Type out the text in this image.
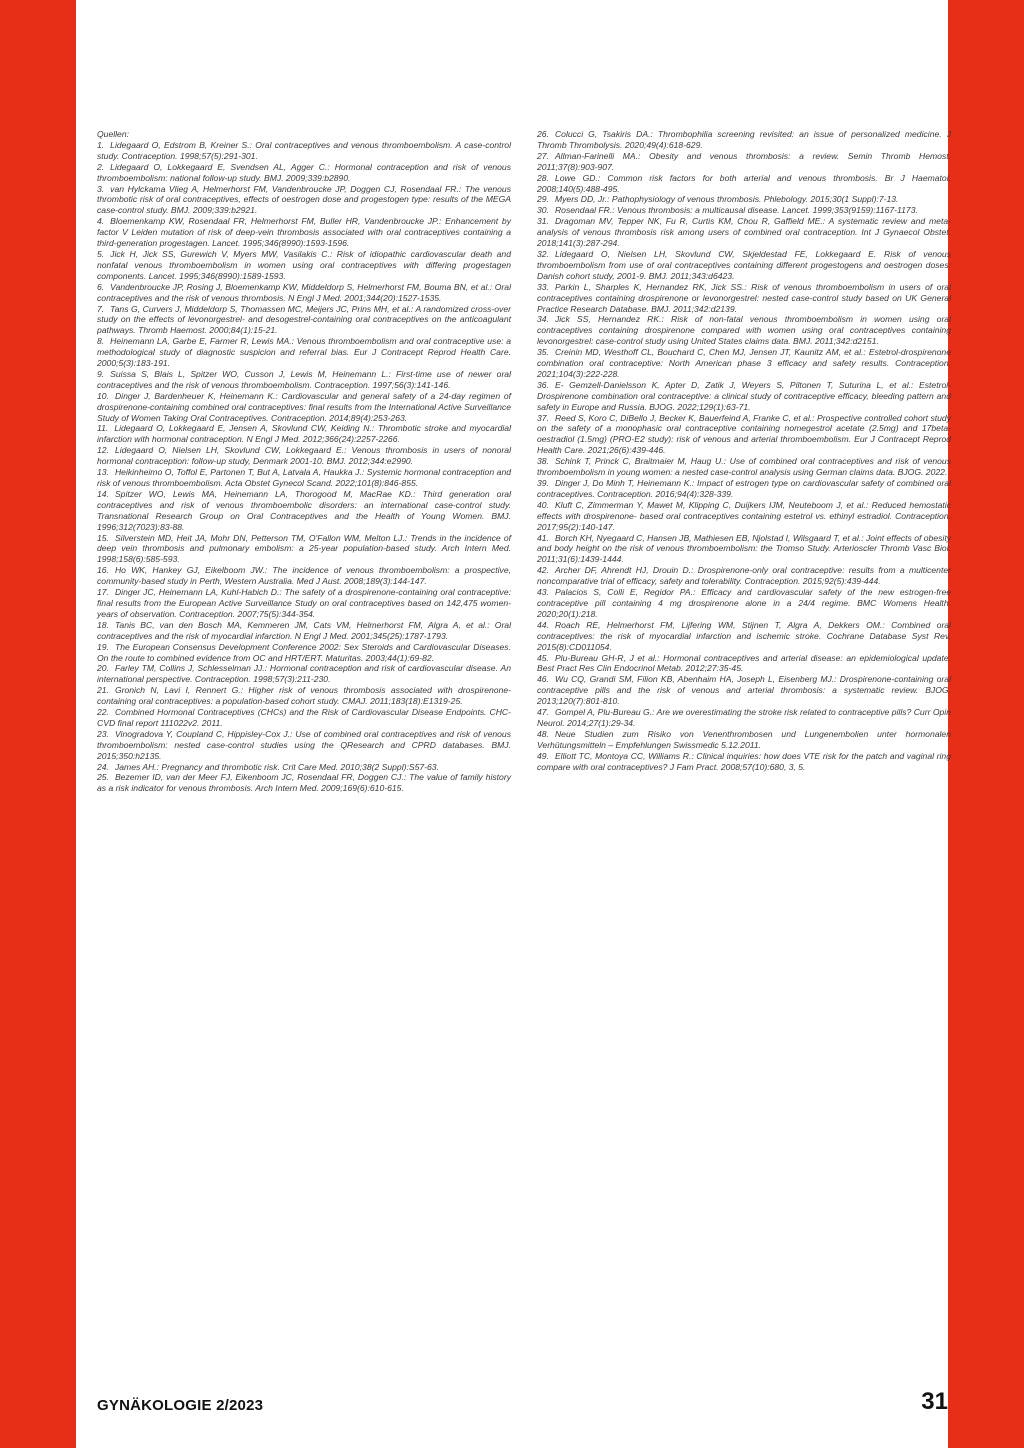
Quellen:

1. Lidegaard O, Edstrom B, Kreiner S.: Oral contraceptives and venous thromboembolism. A case-control study. Contraception. 1998;57(5):291-301.

2. Lidegaard O, Lokkegaard E, Svendsen AL, Agger C.: Hormonal contraception and risk of venous thromboembolism: national follow-up study. BMJ. 2009;339:b2890.

3. van Hylckama Vlieg A, Helmerhorst FM, Vandenbroucke JP, Doggen CJ, Rosendaal FR.: The venous thrombotic risk of oral contraceptives, effects of oestrogen dose and progestogen type: results of the MEGA case-control study. BMJ. 2009;339:b2921.

4. Bloemenkamp KW, Rosendaal FR, Helmerhorst FM, Buller HR, Vandenbroucke JP.: Enhancement by factor V Leiden mutation of risk of deep-vein thrombosis associated with oral contraceptives containing a third-generation progestagen. Lancet. 1995;346(8990):1593-1596.

5. Jick H, Jick SS, Gurewich V, Myers MW, Vasilakis C.: Risk of idiopathic cardiovascular death and nonfatal venous thromboembolism in women using oral contraceptives with differing progestagen components. Lancet. 1995;346(8990):1589-1593.

6. Vandenbroucke JP, Rosing J, Bloemenkamp KW, Middeldorp S, Helmerhorst FM, Bouma BN, et al.: Oral contraceptives and the risk of venous thrombosis. N Engl J Med. 2001;344(20):1527-1535.

7. Tans G, Curvers J, Middeldorp S, Thomassen MC, Meijers JC, Prins MH, et al.: A randomized cross-over study on the effects of levonorgestrel- and desogestrel-containing oral contraceptives on the anticoagulant pathways. Thromb Haemost. 2000;84(1):15-21.

8. Heinemann LA, Garbe E, Farmer R, Lewis MA.: Venous thromboembolism and oral contraceptive use: a methodological study of diagnostic suspicion and referral bias. Eur J Contracept Reprod Health Care. 2000;5(3):183-191.

9. Suissa S, Blais L, Spitzer WO, Cusson J, Lewis M, Heinemann L.: First-time use of newer oral contraceptives and the risk of venous thromboembolism. Contraception. 1997;56(3):141-146.

10. Dinger J, Bardenheuer K, Heinemann K.: Cardiovascular and general safety of a 24-day regimen of drospirenone-containing combined oral contraceptives: final results from the International Active Surveillance Study of Women Taking Oral Contraceptives. Contraception. 2014;89(4):253-263.

11. Lidegaard O, Lokkegaard E, Jensen A, Skovlund CW, Keiding N.: Thrombotic stroke and myocardial infarction with hormonal contraception. N Engl J Med. 2012;366(24):2257-2266.

12. Lidegaard O, Nielsen LH, Skovlund CW, Lokkegaard E.: Venous thrombosis in users of nonoral hormonal contraception: follow-up study, Denmark 2001-10. BMJ. 2012;344:e2990.

13. Heikinheimo O, Toffol E, Partonen T, But A, Latvala A, Haukka J.: Systemic hormonal contraception and risk of venous thromboembolism. Acta Obstet Gynecol Scand. 2022;101(8):846-855.

14. Spitzer WO, Lewis MA, Heinemann LA, Thorogood M, MacRae KD.: Third generation oral contraceptives and risk of venous thromboembolic disorders: an international case-control study. Transnational Research Group on Oral Contraceptives and the Health of Young Women. BMJ. 1996;312(7023):83-88.

15. Silverstein MD, Heit JA, Mohr DN, Petterson TM, O'Fallon WM, Melton LJ.: Trends in the incidence of deep vein thrombosis and pulmonary embolism: a 25-year population-based study. Arch Intern Med. 1998;158(6):585-593.

16. Ho WK, Hankey GJ, Eikelboom JW.: The incidence of venous thromboembolism: a prospective, community-based study in Perth, Western Australia. Med J Aust. 2008;189(3):144-147.

17. Dinger JC, Heinemann LA, Kuhl-Habich D.: The safety of a drospirenone-containing oral contraceptive: final results from the European Active Surveillance Study on oral contraceptives based on 142,475 women-years of observation. Contraception. 2007;75(5):344-354.

18. Tanis BC, van den Bosch MA, Kemmeren JM, Cats VM, Helmerhorst FM, Algra A, et al.: Oral contraceptives and the risk of myocardial infarction. N Engl J Med. 2001;345(25):1787-1793.

19. The European Consensus Development Conference 2002: Sex Steroids and Cardiovascular Diseases. On the route to combined evidence from OC and HRT/ERT. Maturitas. 2003;44(1):69-82.

20. Farley TM, Collins J, Schlesselman JJ.: Hormonal contraception and risk of cardiovascular disease. An international perspective. Contraception. 1998;57(3):211-230.

21. Gronich N, Lavi I, Rennert G.: Higher risk of venous thrombosis associated with drospirenone-containing oral contraceptives: a population-based cohort study. CMAJ. 2011;183(18):E1319-25.

22. Combined Hormonal Contraceptives (CHCs) and the Risk of Cardiovascular Disease Endpoints. CHC-CVD final report 111022v2. 2011.

23. Vinogradova Y, Coupland C, Hippisley-Cox J.: Use of combined oral contraceptives and risk of venous thromboembolism: nested case-control studies using the QResearch and CPRD databases. BMJ. 2015;350:h2135.

24. James AH.: Pregnancy and thrombotic risk. Crit Care Med. 2010;38(2 Suppl):S57-63.

25. Bezemer ID, van der Meer FJ, Eikenboom JC, Rosendaal FR, Doggen CJ.: The value of family history as a risk indicator for venous thrombosis. Arch Intern Med. 2009;169(6):610-615.

26. Colucci G, Tsakiris DA.: Thrombophilia screening revisited: an issue of personalized medicine. J Thromb Thrombolysis. 2020;49(4):618-629.

27. Allman-Farinelli MA.: Obesity and venous thrombosis: a review. Semin Thromb Hemost. 2011;37(8):903-907.

28. Lowe GD.: Common risk factors for both arterial and venous thrombosis. Br J Haematol. 2008;140(5):488-495.

29. Myers DD, Jr.: Pathophysiology of venous thrombosis. Phlebology. 2015;30(1 Suppl):7-13.

30. Rosendaal FR.: Venous thrombosis: a multicausal disease. Lancet. 1999;353(9159):1167-1173.

31. Dragoman MV, Tepper NK, Fu R, Curtis KM, Chou R, Gaffield ME.: A systematic review and meta-analysis of venous thrombosis risk among users of combined oral contraception. Int J Gynaecol Obstet. 2018;141(3):287-294.

32. Lidegaard O, Nielsen LH, Skovlund CW, Skjeldestad FE, Lokkegaard E. Risk of venous thromboembolism from use of oral contraceptives containing different progestogens and oestrogen doses: Danish cohort study, 2001-9. BMJ. 2011;343:d6423.

33. Parkin L, Sharples K, Hernandez RK, Jick SS.: Risk of venous thromboembolism in users of oral contraceptives containing drospirenone or levonorgestrel: nested case-control study based on UK General Practice Research Database. BMJ. 2011;342:d2139.

34. Jick SS, Hernandez RK.: Risk of non-fatal venous thromboembolism in women using oral contraceptives containing drospirenone compared with women using oral contraceptives containing levonorgestrel: case-control study using United States claims data. BMJ. 2011;342:d2151.

35. Creinin MD, Westhoff CL, Bouchard C, Chen MJ, Jensen JT, Kaunitz AM, et al.: Estetrol-drospirenone combination oral contraceptive: North American phase 3 efficacy and safety results. Contraception. 2021;104(3):222-228.

36. E- Gemzell-Danielsson K, Apter D, Zatik J, Weyers S, Piltonen T, Suturina L, et al.: Estetrol-Drospirenone combination oral contraceptive: a clinical study of contraceptive efficacy, bleeding pattern and safety in Europe and Russia. BJOG. 2022;129(1):63-71.

37. Reed S, Koro C, DiBello J, Becker K, Bauerfeind A, Franke C, et al.: Prospective controlled cohort study on the safety of a monophasic oral contraceptive containing nomegestrol acetate (2.5mg) and 17beta-oestradiol (1.5mg) (PRO-E2 study): risk of venous and arterial thromboembolism. Eur J Contracept Reprod Health Care. 2021;26(6):439-446.

38. Schink T, Princk C, Braitmaier M, Haug U.: Use of combined oral contraceptives and risk of venous thromboembolism in young women: a nested case-control analysis using German claims data. BJOG. 2022.

39. Dinger J, Do Minh T, Heinemann K.: Impact of estrogen type on cardiovascular safety of combined oral contraceptives. Contraception. 2016;94(4):328-339.

40. Kluft C, Zimmerman Y, Mawet M, Klipping C, Duijkers IJM, Neuteboom J, et al.: Reduced hemostatic effects with drospirenone- based oral contraceptives containing estetrol vs. ethinyl estradiol. Contraception. 2017;95(2):140-147.

41. Borch KH, Nyegaard C, Hansen JB, Mathiesen EB, Njolstad I, Wilsgaard T, et al.: Joint effects of obesity and body height on the risk of venous thromboembolism: the Tromso Study. Arterioscler Thromb Vasc Biol. 2011;31(6):1439-1444.

42. Archer DF, Ahrendt HJ, Drouin D.: Drospirenone-only oral contraceptive: results from a multicenter noncomparative trial of efficacy, safety and tolerability. Contraception. 2015;92(5):439-444.

43. Palacios S, Colli E, Regidor PA.: Efficacy and cardiovascular safety of the new estrogen-free contraceptive pill containing 4 mg drospirenone alone in a 24/4 regime. BMC Womens Health. 2020;20(1):218.

44. Roach RE, Helmerhorst FM, Lijfering WM, Stijnen T, Algra A, Dekkers OM.: Combined oral contraceptives: the risk of myocardial infarction and ischemic stroke. Cochrane Database Syst Rev. 2015(8):CD011054.

45. Plu-Bureau GH-R, J et al.: Hormonal contraceptives and arterial disease: an epidemiological update. Best Pract Res Clin Endocrinol Metab. 2012;27:35-45.

46. Wu CQ, Grandi SM, Filion KB, Abenhaim HA, Joseph L, Eisenberg MJ.: Drospirenone-containing oral contraceptive pills and the risk of venous and arterial thrombosis: a systematic review. BJOG. 2013;120(7):801-810.

47. Gompel A, Plu-Bureau G.: Are we overestimating the stroke risk related to contraceptive pills? Curr Opin Neurol. 2014;27(1):29-34.

48. Neue Studien zum Risiko von Venenthrombosen und Lungenembolien unter hormonalen Verhütungsmitteln – Empfehlungen Swissmedic 5.12.2011.

49. Elliott TC, Montoya CC, Williams R.: Clinical inquiries: how does VTE risk for the patch and vaginal ring compare with oral contraceptives? J Fam Pract. 2008;57(10):680, 3, 5.

GYNÄKOLOGIE 2/2023	31
